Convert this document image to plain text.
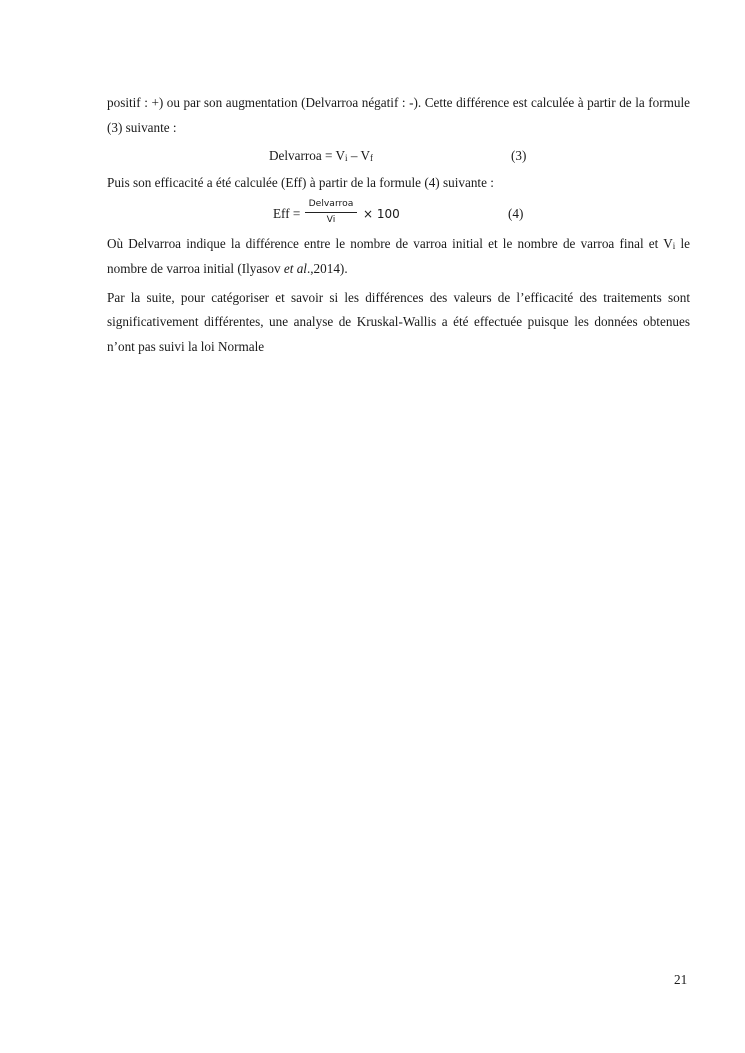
positif : +) ou par son augmentation (Delvarroa négatif : -). Cette différence est calculée à partir de la formule (3) suivante :

Delvarroa = $V_i - V_f$	(3)

Puis son efficacité a été calculée (Eff) à partir de la formule (4) suivante :

Eff =
Delvarroa
Vi	× 100	(4)

Où Delvarroa indique la différence entre le nombre de varroa initial et le nombre de varroa final et $V_i$ le nombre de varroa initial (Ilyasov et al.,2014).

Par la suite, pour catégoriser et savoir si les différences des valeurs de l’efficacité des traitements sont significativement différentes, une analyse de Kruskal-Wallis a été effectuée puisque les données obtenues n’ont pas suivi la loi Normale

21
